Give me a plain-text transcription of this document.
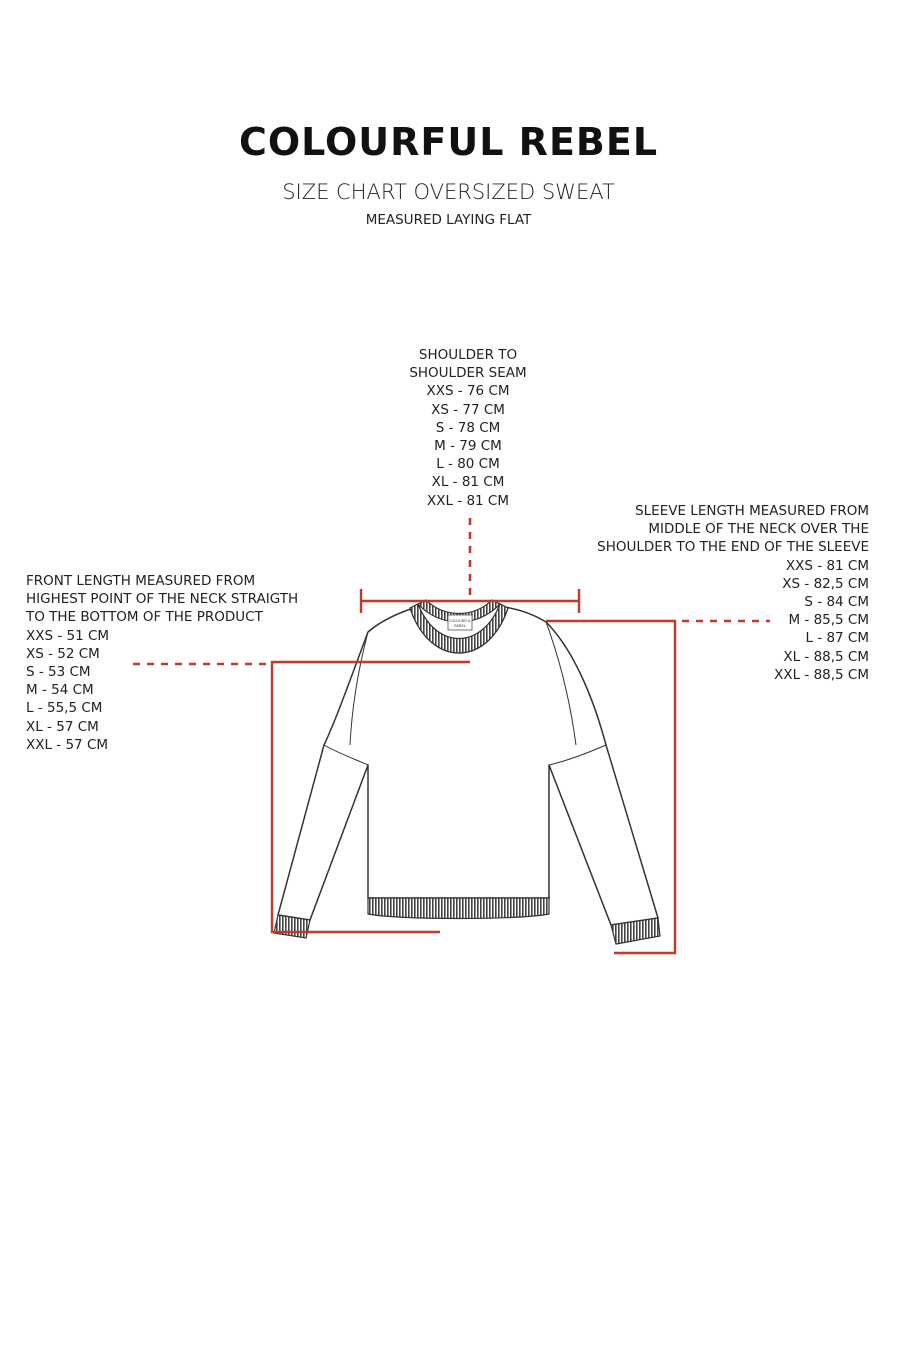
COLOURFUL REBEL
SIZE CHART OVERSIZED SWEAT
MEASURED LAYING FLAT
SHOULDER TO
SHOULDER SEAM
XXS - 76 CM
XS - 77 CM
S - 78 CM
M - 79 CM
L - 80 CM
XL - 81 CM
XXL - 81 CM
FRONT LENGTH MEASURED FROM
HIGHEST POINT OF THE NECK STRAIGTH
TO THE BOTTOM OF THE PRODUCT
XXS - 51 CM
XS - 52 CM
S - 53 CM
M - 54 CM
L - 55,5 CM
XL - 57 CM
XXL - 57 CM
SLEEVE LENGTH MEASURED FROM
MIDDLE OF THE NECK OVER THE
SHOULDER TO THE END OF THE SLEEVE
XXS - 81 CM
XS - 82,5 CM
S - 84 CM
M - 85,5 CM
L - 87 CM
XL - 88,5 CM
XXL - 88,5 CM
COLOURFUL
REBEL
